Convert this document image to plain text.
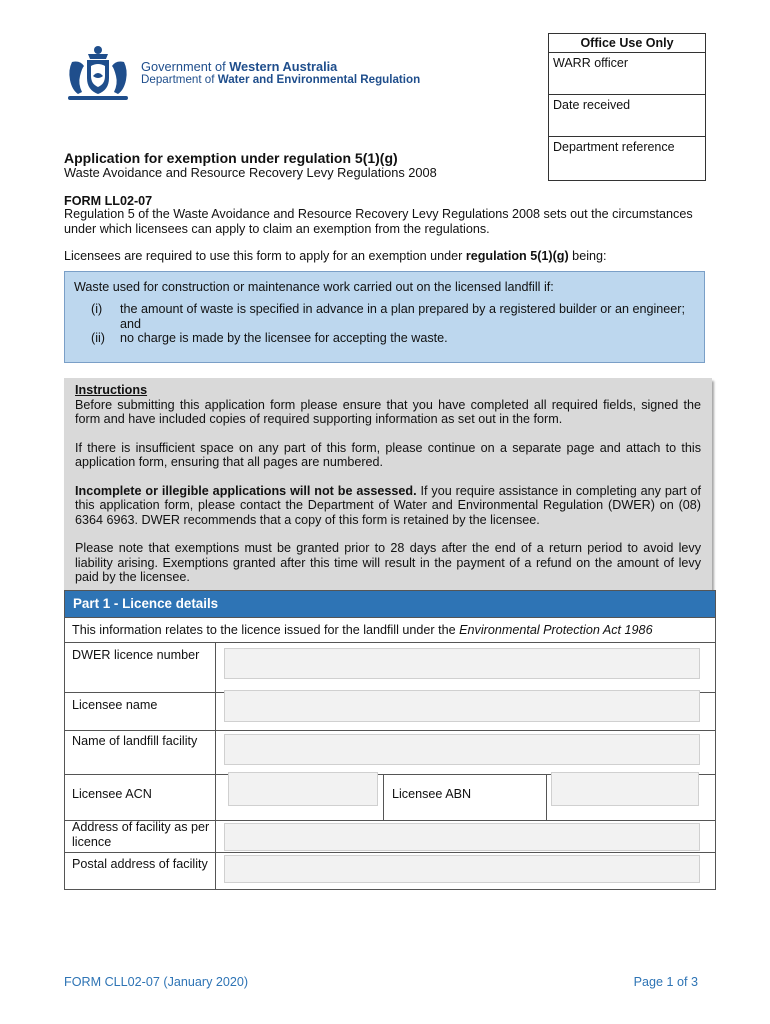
Government of Western Australia
Department of Water and Environmental Regulation
Office Use Only
WARR officer
Date received
Department reference
Application for exemption under regulation 5(1)(g)
Waste Avoidance and Resource Recovery Levy Regulations 2008
FORM LL02-07
Regulation 5 of the Waste Avoidance and Resource Recovery Levy Regulations 2008 sets out the circumstances under which licensees can apply to claim an exemption from the regulations.
Licensees are required to use this form to apply for an exemption under regulation 5(1)(g) being:

Waste used for construction or maintenance work carried out on the licensed landfill if:

(i)	the amount of waste is specified in advance in a plan prepared by a registered builder or an engineer; and
(ii)	no charge is made by the licensee for accepting the waste.

Instructions

Before submitting this application form please ensure that you have completed all required fields, signed the form and have included copies of required supporting information as set out in the form.

If there is insufficient space on any part of this form, please continue on a separate page and attach to this application form, ensuring that all pages are numbered.

Incomplete or illegible applications will not be assessed. If you require assistance in completing any part of this application form, please contact the Department of Water and Environmental Regulation (DWER) on (08) 6364 6963. DWER recommends that a copy of this form is retained by the licensee.

Please note that exemptions must be granted prior to 28 days after the end of a return period to avoid levy liability arising. Exemptions granted after this time will result in the payment of a refund on the amount of levy paid by the licensee.

Part 1 - Licence details
This information relates to the licence issued for the landfill under the Environmental Protection Act 1986
DWER licence number
Licensee name
Name of landfill facility
Licensee ACN	Licensee ABN
Address of facility as per licence
Postal address of facility
FORM CLL02-07 (January 2020)	Page 1 of 3
